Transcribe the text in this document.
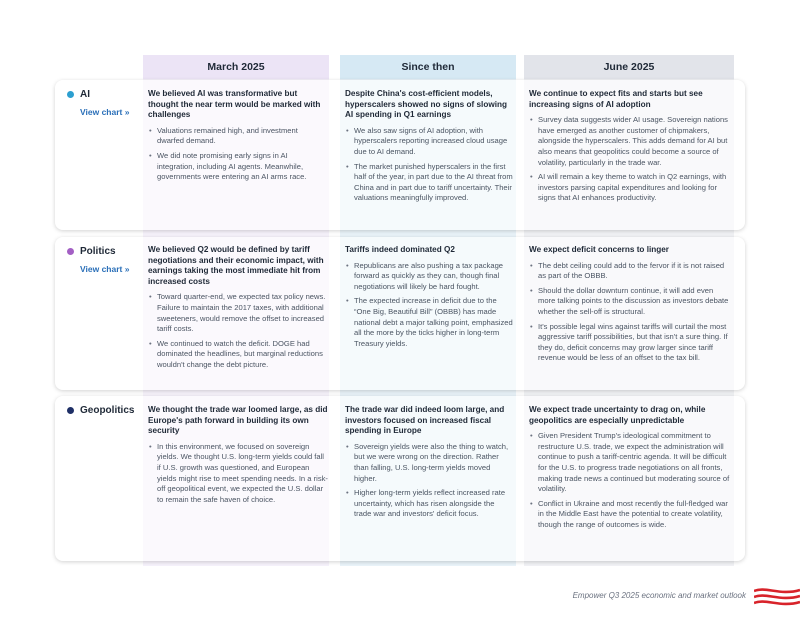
March 2025	Since then	June 2025
AI
View chart »
We believed AI was transformative but thought the near term would be marked with challenges
• Valuations remained high, and investment dwarfed demand.
• We did note promising early signs in AI integration, including AI agents. Meanwhile, governments were entering an AI arms race.
Despite China's cost-efficient models, hyperscalers showed no signs of slowing AI spending in Q1 earnings
• We also saw signs of AI adoption, with hyperscalers reporting increased cloud usage due to AI demand.
• The market punished hyperscalers in the first half of the year, in part due to the AI threat from China and in part due to tariff uncertainty. Their valuations meaningfully improved.
We continue to expect fits and starts but see increasing signs of AI adoption
• Survey data suggests wider AI usage. Sovereign nations have emerged as another customer of chipmakers, alongside the hyperscalers. This adds demand for AI but also means that geopolitics could become a source of volatility, particularly in the trade war.
• AI will remain a key theme to watch in Q2 earnings, with investors parsing capital expenditures and looking for signs that AI enhances productivity.
Politics
View chart »
We believed Q2 would be defined by tariff negotiations and their economic impact, with earnings taking the most immediate hit from increased costs
• Toward quarter-end, we expected tax policy news. Failure to maintain the 2017 taxes, with additional sweeteners, would remove the offset to increased tariff costs.
• We continued to watch the deficit. DOGE had dominated the headlines, but marginal reductions wouldn't change the debt picture.
Tariffs indeed dominated Q2
• Republicans are also pushing a tax package forward as quickly as they can, though final negotiations will likely be hard fought.
• The expected increase in deficit due to the “One Big, Beautiful Bill” (OBBB) has made national debt a major talking point, emphasized all the more by the ticks higher in long-term Treasury yields.
We expect deficit concerns to linger
• The debt ceiling could add to the fervor if it is not raised as part of the OBBB.
• Should the dollar downturn continue, it will add even more talking points to the discussion as investors debate whether the sell-off is structural.
• It's possible legal wins against tariffs will curtail the most aggressive tariff possibilities, but that isn't a sure thing. If they do, deficit concerns may grow larger since tariff revenue would be less of an offset to the tax bill.
Geopolitics We thought the trade war loomed large, as did Europe's path forward in building its own security
• In this environment, we focused on sovereign yields. We thought U.S. long-term yields could fall if U.S. growth was questioned, and European yields might rise to meet spending needs. In a risk-off geopolitical event, we expected the U.S. dollar to remain the safe haven of choice.
The trade war did indeed loom large, and investors focused on increased fiscal spending in Europe
• Sovereign yields were also the thing to watch, but we were wrong on the direction. Rather than falling, U.S. long-term yields moved higher.
• Higher long-term yields reflect increased rate uncertainty, which has risen alongside the trade war and investors' deficit focus.
We expect trade uncertainty to drag on, while geopolitics are especially unpredictable
• Given President Trump's ideological commitment to restructure U.S. trade, we expect the administration will continue to push a tariff-centric agenda. It will be difficult for the U.S. to progress trade negotiations on all fronts, making trade news a continued but moderating source of volatility.
• Conflict in Ukraine and most recently the full-fledged war in the Middle East have the potential to create volatility, though the range of outcomes is wide.
Empower Q3 2025 economic and market outlook
